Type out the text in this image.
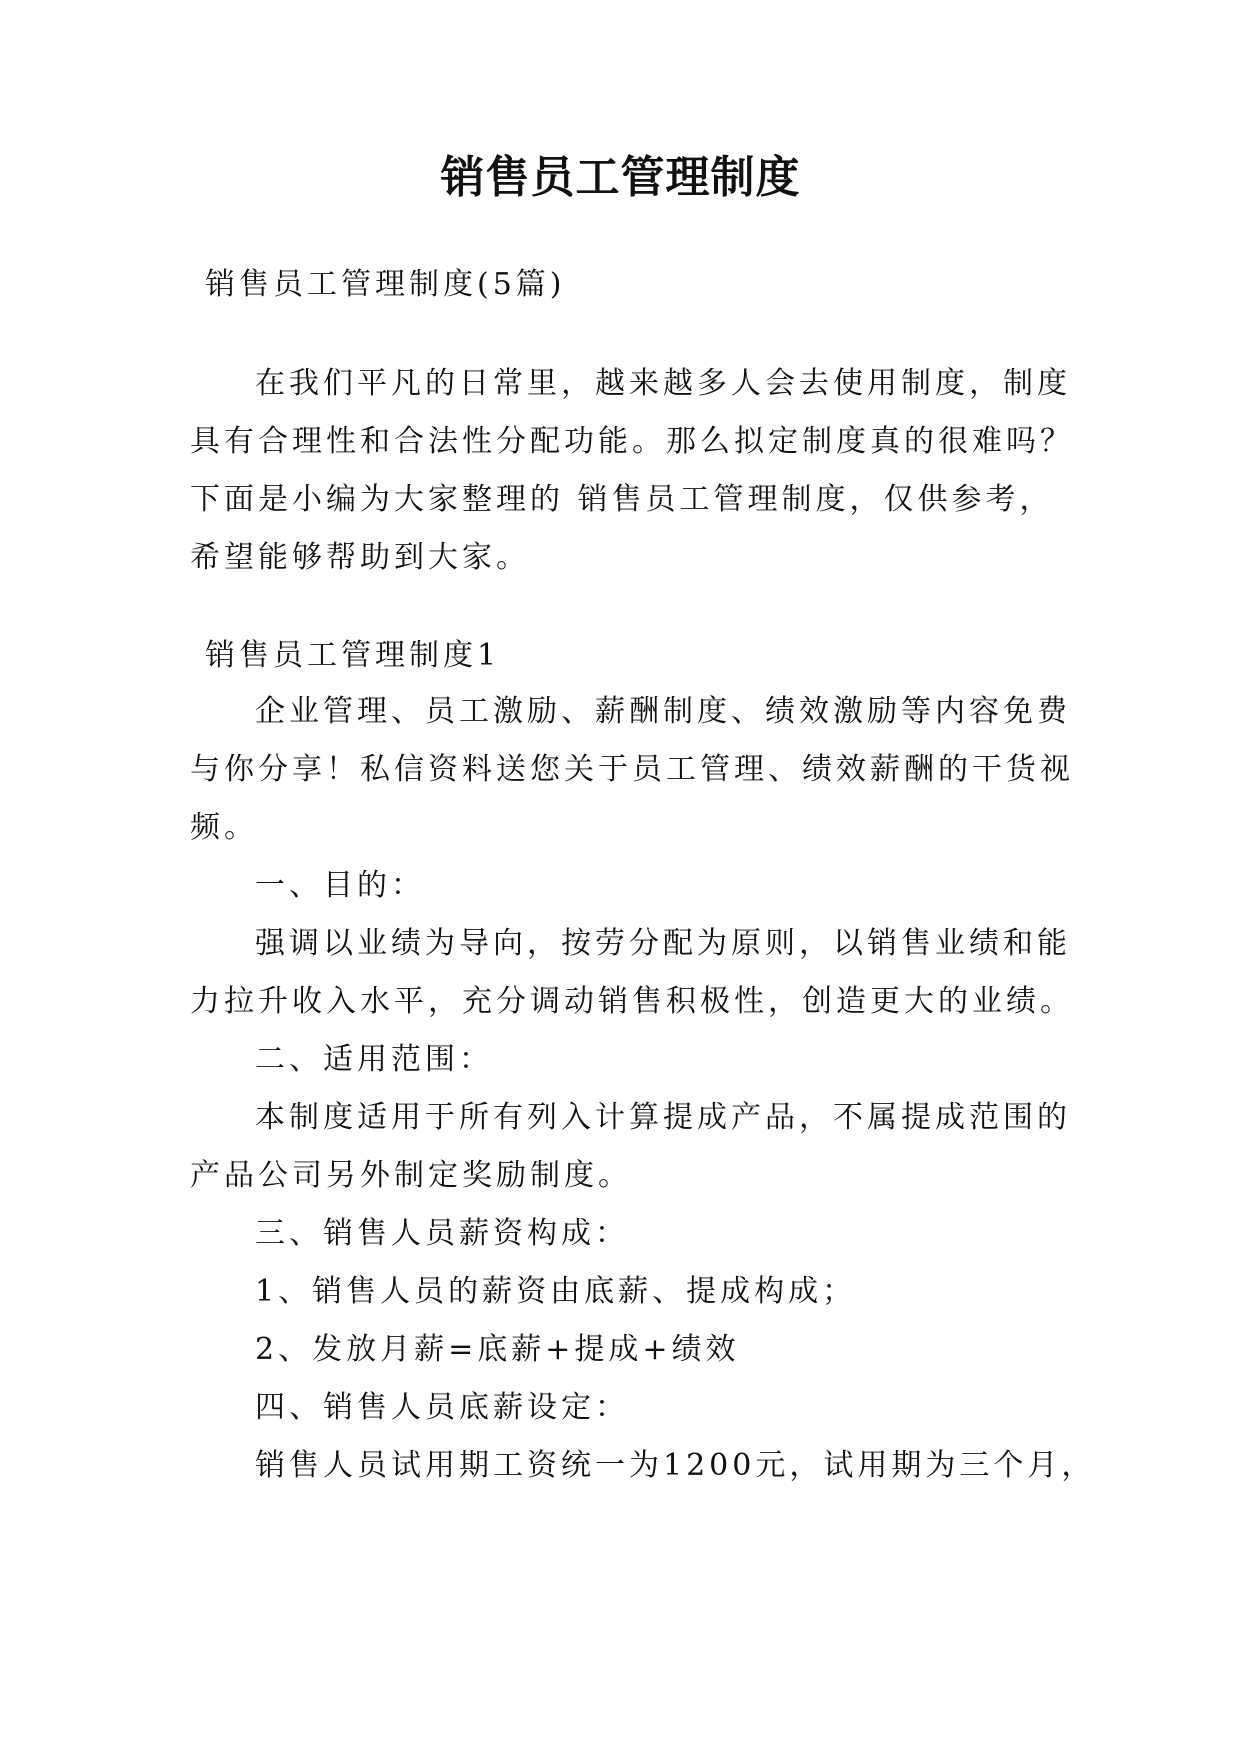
销售员工管理制度
销售员工管理制度(5篇)
在我们平凡的日常里，越来越多人会去使用制度，制度
具有合理性和合法性分配功能。那么拟定制度真的很难吗？
下面是小编为大家整理的 销售员工管理制度，仅供参考，
希望能够帮助到大家。
销售员工管理制度1
企业管理、员工激励、薪酬制度、绩效激励等内容免费
与你分享！私信资料送您关于员工管理、绩效薪酬的干货视
频。
一、目的：
强调以业绩为导向，按劳分配为原则，以销售业绩和能
力拉升收入水平，充分调动销售积极性，创造更大的业绩。
二、适用范围：
本制度适用于所有列入计算提成产品，不属提成范围的
产品公司另外制定奖励制度。
三、销售人员薪资构成：
1、销售人员的薪资由底薪、提成构成；
2、发放月薪=底薪+提成+绩效
四、销售人员底薪设定：
销售人员试用期工资统一为1200元，试用期为三个月，
